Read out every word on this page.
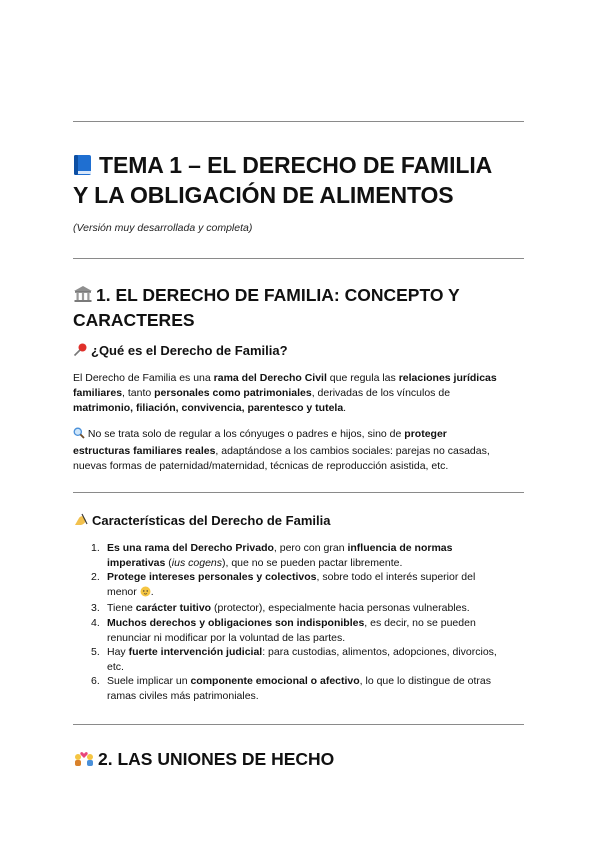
TEMA 1 – EL DERECHO DE FAMILIA
Y LA OBLIGACIÓN DE ALIMENTOS
(Versión muy desarrollada y completa)
1. EL DERECHO DE FAMILIA: CONCEPTO Y
CARACTERES
¿Qué es el Derecho de Familia?

El Derecho de Familia es una rama del Derecho Civil que regula las relaciones jurídicas
familiares, tanto personales como patrimoniales, derivadas de los vínculos de
matrimonio, filiación, convivencia, parentesco y tutela.

No se trata solo de regular a los cónyuges o padres e hijos, sino de proteger
estructuras familiares reales, adaptándose a los cambios sociales: parejas no casadas,
nuevas formas de paternidad/maternidad, técnicas de reproducción asistida, etc.

Características del Derecho de Familia
1. Es una rama del Derecho Privado, pero con gran influencia de normas
imperativas (ius cogens), que no se pueden pactar libremente.
2. Protege intereses personales y colectivos, sobre todo el interés superior del
menor .
3. Tiene carácter tuitivo (protector), especialmente hacia personas vulnerables.
4. Muchos derechos y obligaciones son indisponibles, es decir, no se pueden
renunciar ni modificar por la voluntad de las partes.
5. Hay fuerte intervención judicial: para custodias, alimentos, adopciones, divorcios,
etc.
6. Suele implicar un componente emocional o afectivo, lo que lo distingue de otras
ramas civiles más patrimoniales.
2. LAS UNIONES DE HECHO
